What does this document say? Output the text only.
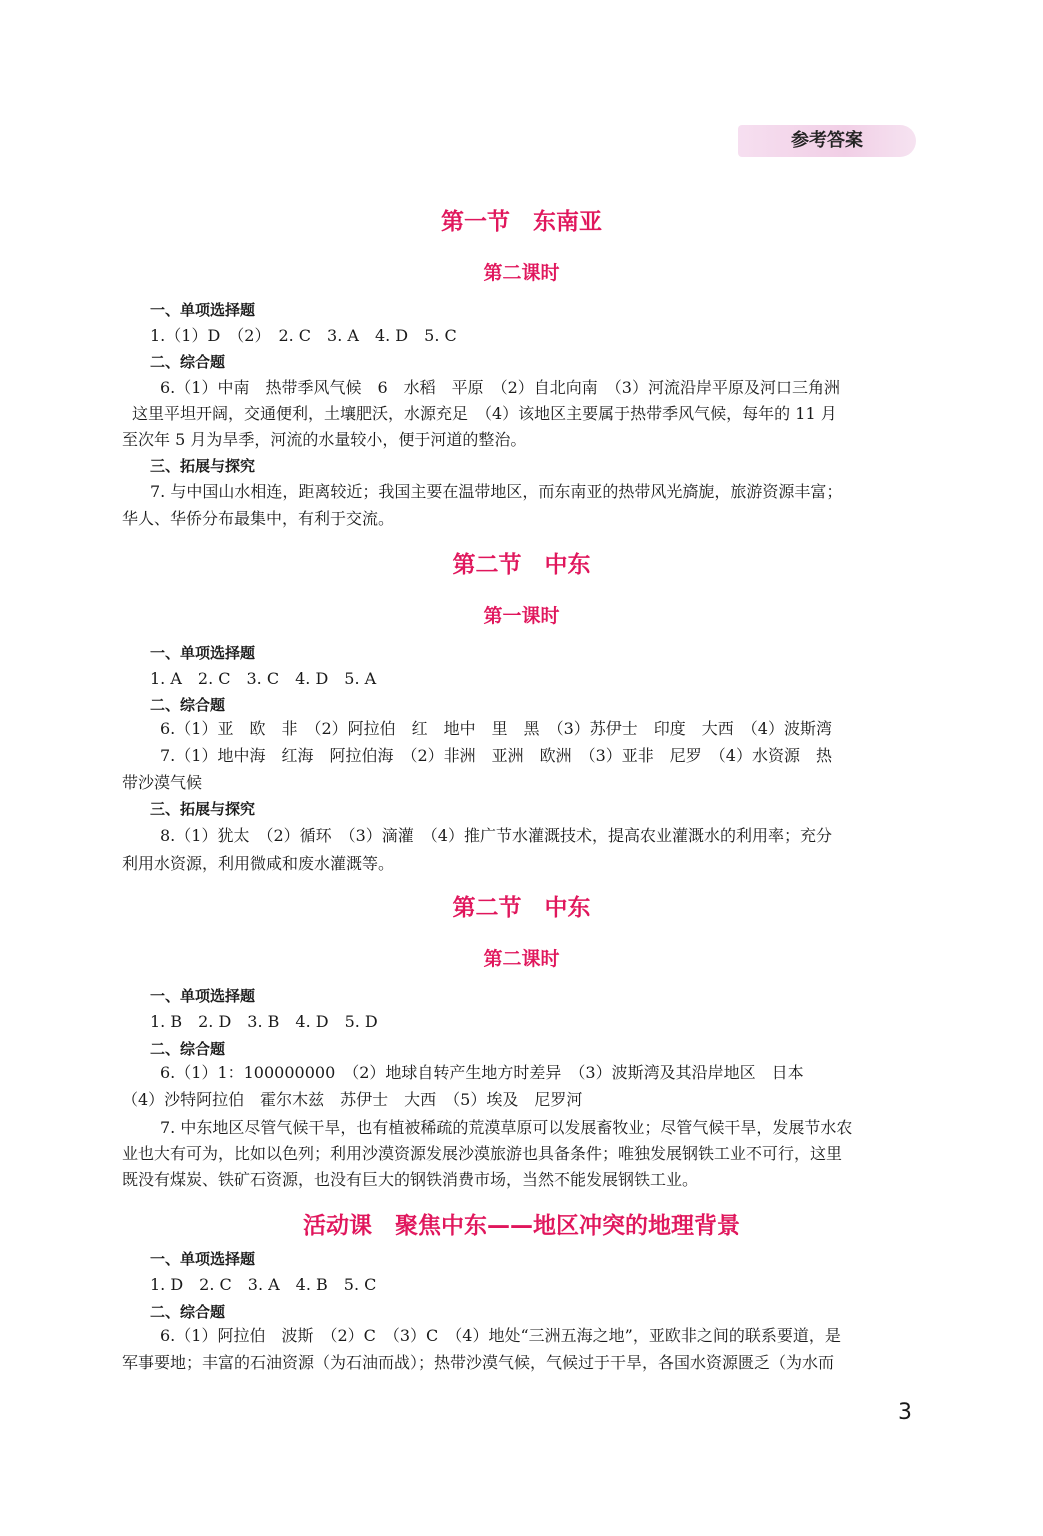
参考答案
第一节　东南亚
第二课时
一、单项选择题
1.（1）D　（2）　2. C　3. A　4. D　5. C
二、综合题
6.（1）中南　热带季风气候　6　水稻　平原　（2）自北向南　（3）河流沿岸平原及河口三角洲
这里平坦开阔，交通便利，土壤肥沃，水源充足　（4）该地区主要属于热带季风气候，每年的 11 月
至次年 5 月为旱季，河流的水量较小，便于河道的整治。
三、拓展与探究
7. 与中国山水相连，距离较近；我国主要在温带地区，而东南亚的热带风光旖旎，旅游资源丰富；
华人、华侨分布最集中，有利于交流。
第二节　中东
第一课时
一、单项选择题
1. A　2. C　3. C　4. D　5. A
二、综合题
6.（1）亚　欧　非　（2）阿拉伯　红　地中　里　黑　（3）苏伊士　印度　大西　（4）波斯湾
7.（1）地中海　红海　阿拉伯海　（2）非洲　亚洲　欧洲　（3）亚非　尼罗　（4）水资源　热
带沙漠气候
三、拓展与探究
8.（1）犹太　（2）循环　（3）滴灌　（4）推广节水灌溉技术，提高农业灌溉水的利用率；充分
利用水资源，利用微咸和废水灌溉等。
第二节　中东
第二课时
一、单项选择题
1. B　2. D　3. B　4. D　5. D
二、综合题
6.（1）1：100000000　（2）地球自转产生地方时差异　（3）波斯湾及其沿岸地区　日本
（4）沙特阿拉伯　霍尔木兹　苏伊士　大西　（5）埃及　尼罗河
7. 中东地区尽管气候干旱，也有植被稀疏的荒漠草原可以发展畜牧业；尽管气候干旱，发展节水农
业也大有可为，比如以色列；利用沙漠资源发展沙漠旅游也具备条件；唯独发展钢铁工业不可行，这里
既没有煤炭、铁矿石资源，也没有巨大的钢铁消费市场，当然不能发展钢铁工业。
活动课　聚焦中东——地区冲突的地理背景
一、单项选择题
1. D　2. C　3. A　4. B　5. C
二、综合题
6.（1）阿拉伯　波斯　（2）C　（3）C　（4）地处“三洲五海之地”，亚欧非之间的联系要道，是
军事要地；丰富的石油资源（为石油而战）；热带沙漠气候，气候过于干旱，各国水资源匮乏（为水而
3
